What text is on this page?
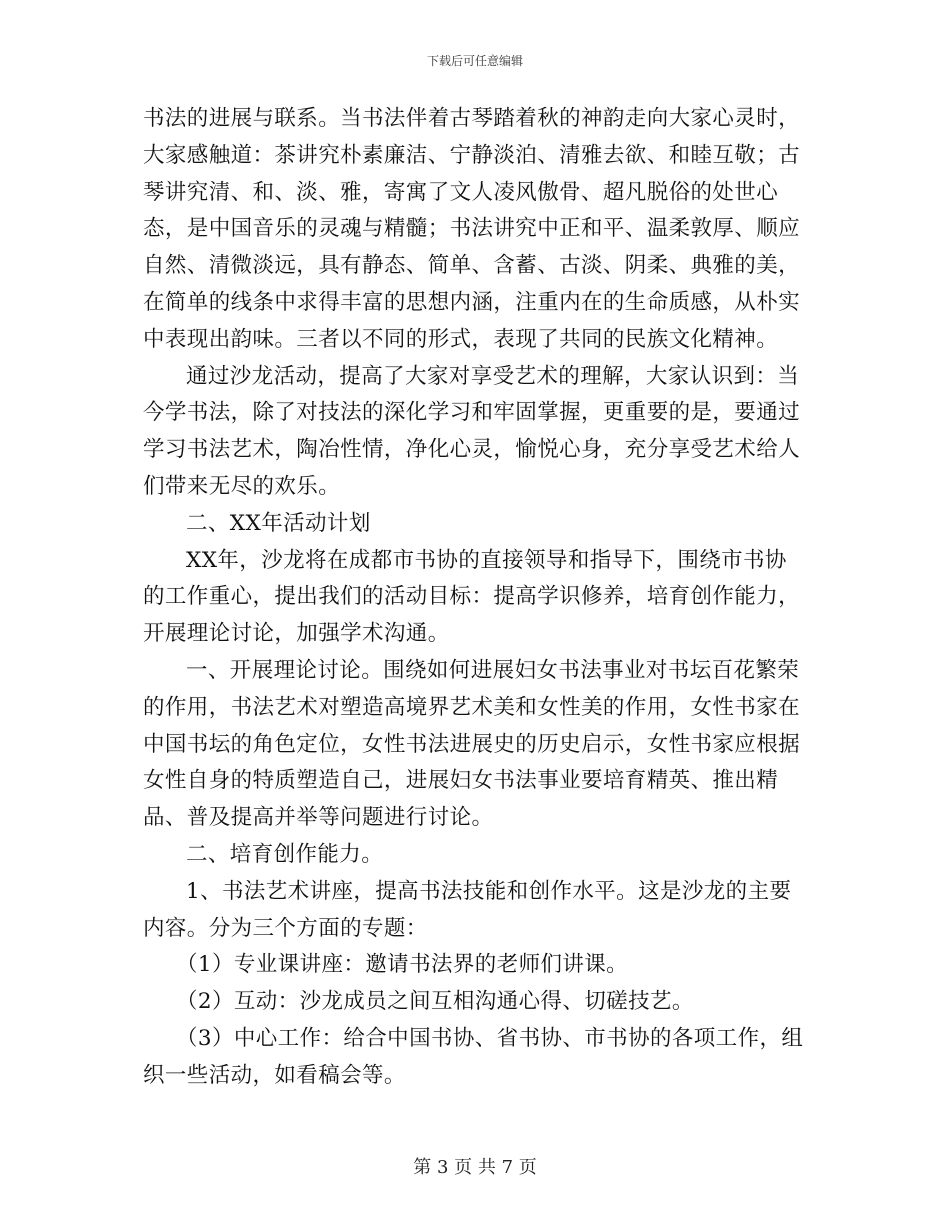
下载后可任意编辑

书法的进展与联系。当书法伴着古琴踏着秋的神韵走向大家心灵时，大家感触道：茶讲究朴素廉洁、宁静淡泊、清雅去欲、和睦互敬；古琴讲究清、和、淡、雅，寄寓了文人凌风傲骨、超凡脱俗的处世心态，是中国音乐的灵魂与精髓；书法讲究中正和平、温柔敦厚、顺应自然、清微淡远，具有静态、简单、含蓄、古淡、阴柔、典雅的美，在简单的线条中求得丰富的思想内涵，注重内在的生命质感，从朴实中表现出韵味。三者以不同的形式，表现了共同的民族文化精神。

通过沙龙活动，提高了大家对享受艺术的理解，大家认识到：当今学书法，除了对技法的深化学习和牢固掌握，更重要的是，要通过学习书法艺术，陶冶性情，净化心灵，愉悦心身，充分享受艺术给人们带来无尽的欢乐。

二、XX年活动计划

XX年，沙龙将在成都市书协的直接领导和指导下，围绕市书协的工作重心，提出我们的活动目标：提高学识修养，培育创作能力，开展理论讨论，加强学术沟通。

一、开展理论讨论。围绕如何进展妇女书法事业对书坛百花繁荣的作用，书法艺术对塑造高境界艺术美和女性美的作用，女性书家在中国书坛的角色定位，女性书法进展史的历史启示，女性书家应根据女性自身的特质塑造自己，进展妇女书法事业要培育精英、推出精品、普及提高并举等问题进行讨论。

二、培育创作能力。

1、书法艺术讲座，提高书法技能和创作水平。这是沙龙的主要内容。分为三个方面的专题：

（1）专业课讲座：邀请书法界的老师们讲课。

（2）互动：沙龙成员之间互相沟通心得、切磋技艺。

（3）中心工作：给合中国书协、省书协、市书协的各项工作，组织一些活动，如看稿会等。

第 3 页 共 7 页
